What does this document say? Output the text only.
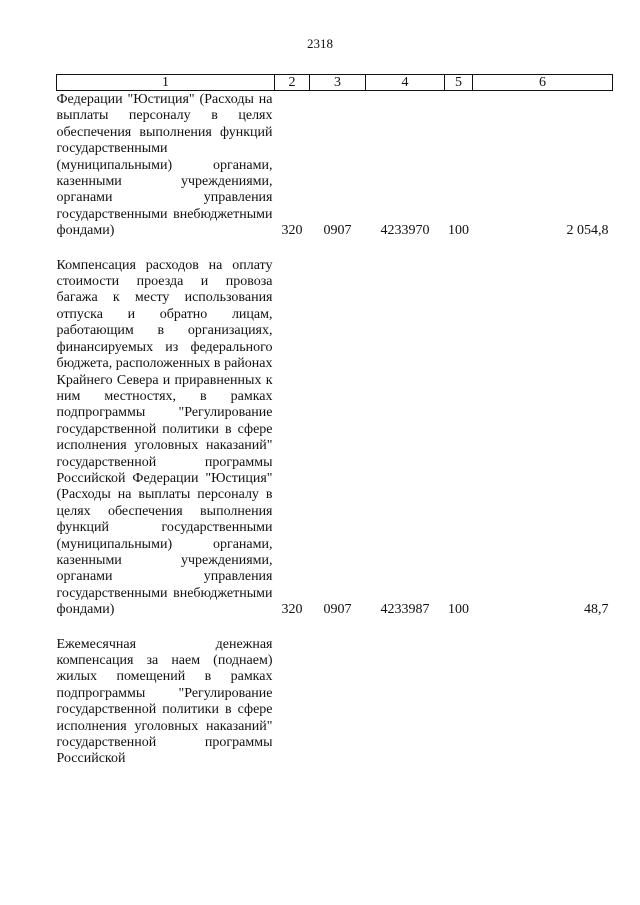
2318
1	2	3	4	5	6

Федерации "Юстиция" (Расходы на выплаты персоналу в целях обеспечения выполнения функций государственными (муниципальными) органами, казенными учреждениями, органами управления государственными внебюджетными фондами)	320	0907	4233970	100	2 054,8

Компенсация расходов на оплату стоимости проезда и провоза багажа к месту использования отпуска и обратно лицам, работающим в организациях, финансируемых из федерального бюджета, расположенных в районах Крайнего Севера и приравненных к ним местностях, в рамках подпрограммы "Регулирование государственной политики в сфере исполнения уголовных наказаний" государственной программы Российской Федерации "Юстиция" (Расходы на выплаты персоналу в целях обеспечения выполнения функций государственными (муниципальными) органами, казенными учреждениями, органами управления государственными внебюджетными фондами)	320	0907	4233987	100	48,7

Ежемесячная денежная компенсация за наем (поднаем) жилых помещений в рамках подпрограммы "Регулирование государственной политики в сфере исполнения уголовных наказаний" государственной программы Российской					
